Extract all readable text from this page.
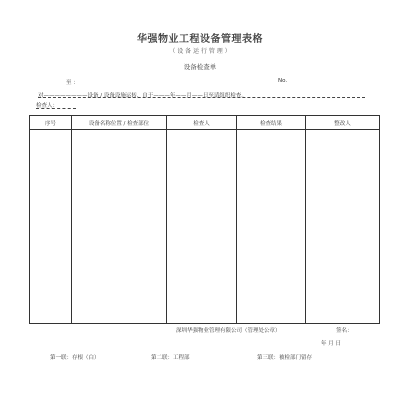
华强物业工程设备管理表格
（ 设 备 运 行 管 理 ）
设备检查单
至 ：	No.
对————————设备 / 设备设施运转，自于———年——月——日至请组织检查。
检查人：
序号	设备名称位置 / 检查部位	检查人	检查结果	整改人

深圳华强物业管理有限公司（管理处公章）	签名：
年 月 日
第一联：存根（白）	第二联：工程部	第三联：被检部门留存
